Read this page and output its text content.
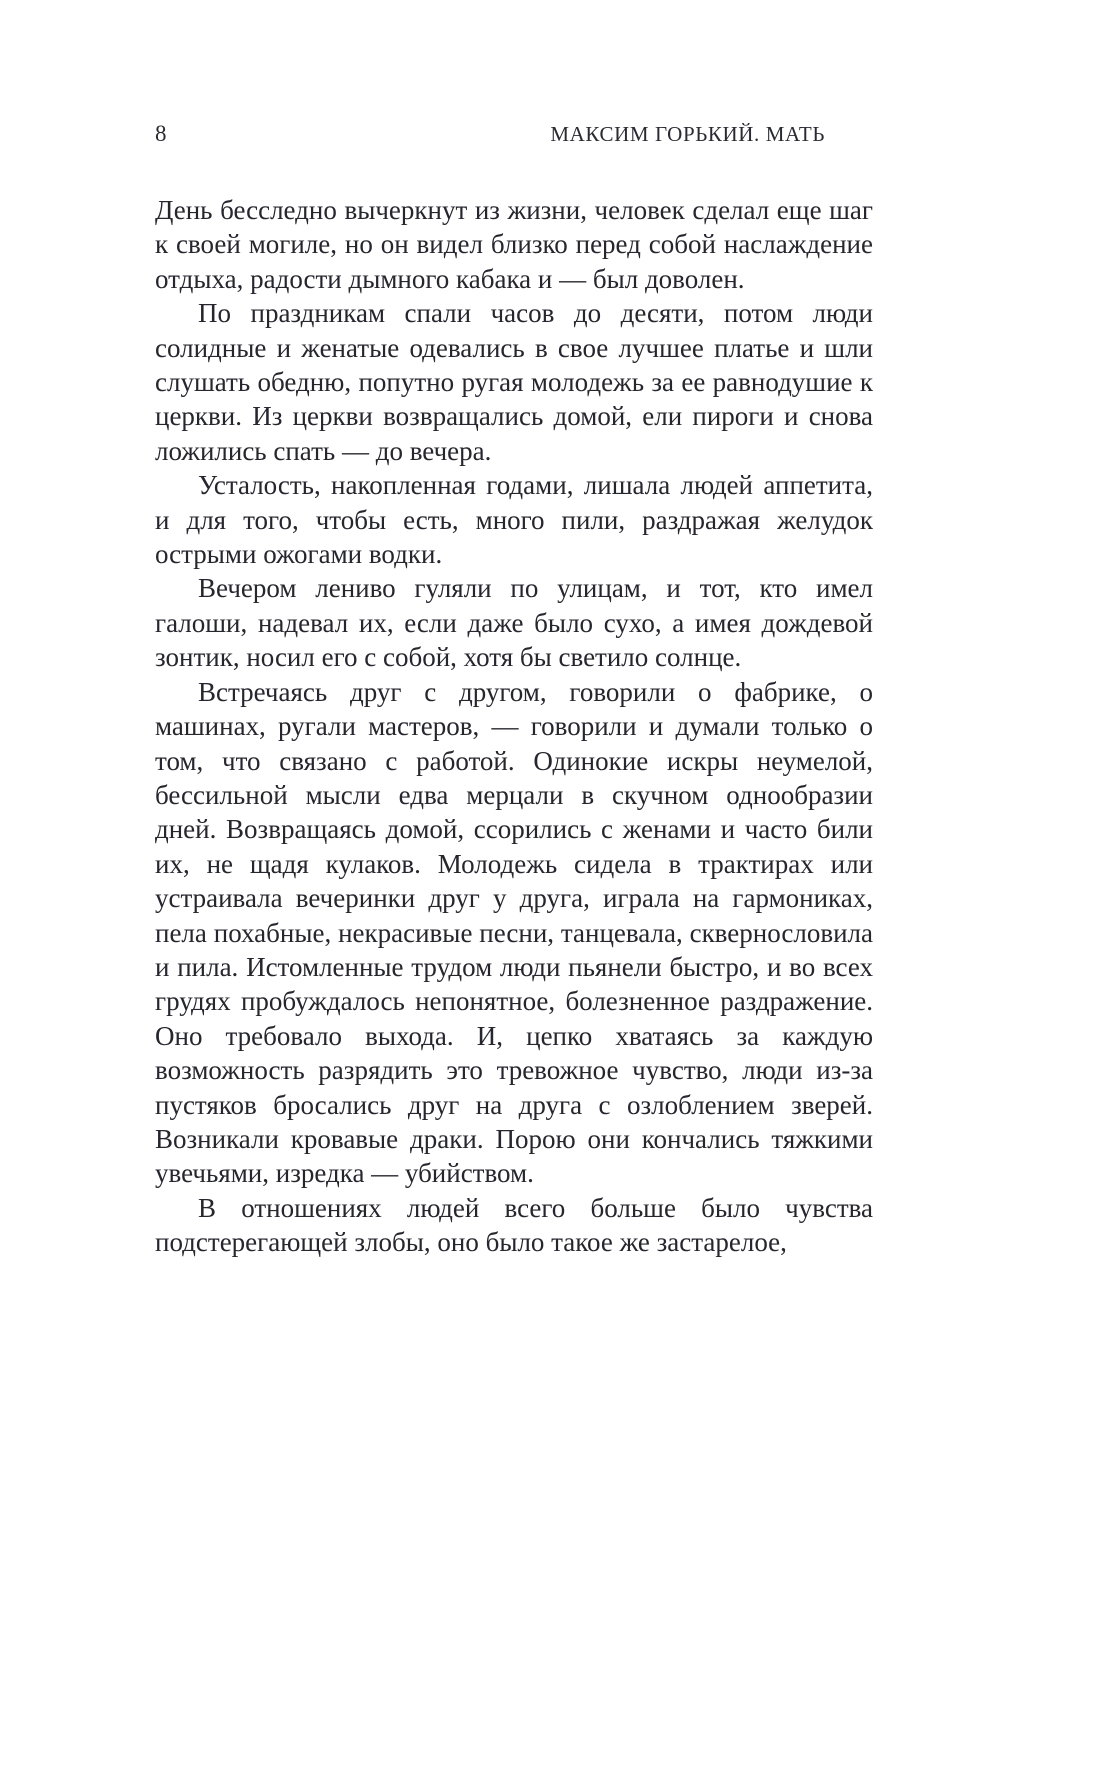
8	МАКСИМ ГОРЬКИЙ. МАТЬ

День бесследно вычеркнут из жизни, человек сделал еще шаг к своей могиле, но он видел близко перед собой наслаждение отдыха, радости дымного кабака и — был доволен.

По праздникам спали часов до десяти, потом люди солидные и женатые одевались в свое лучшее платье и шли слушать обедню, попутно ругая молодежь за ее равнодушие к церкви. Из церкви возвращались домой, ели пироги и снова ложились спать — до вечера.

Усталость, накопленная годами, лишала людей аппетита, и для того, чтобы есть, много пили, раздражая желудок острыми ожогами водки.

Вечером лениво гуляли по улицам, и тот, кто имел галоши, надевал их, если даже было сухо, а имея дождевой зонтик, носил его с собой, хотя бы светило солнце.

Встречаясь друг с другом, говорили о фабрике, о машинах, ругали мастеров, — говорили и думали только о том, что связано с работой. Одинокие искры неумелой, бессильной мысли едва мерцали в скучном однообразии дней. Возвращаясь домой, ссорились с женами и часто били их, не щадя кулаков. Молодежь сидела в трактирах или устраивала вечеринки друг у друга, играла на гармониках, пела похабные, некрасивые песни, танцевала, сквернословила и пила. Истомленные трудом люди пьянели быстро, и во всех грудях пробуждалось непонятное, болезненное раздражение. Оно требовало выхода. И, цепко хватаясь за каждую возможность разрядить это тревожное чувство, люди из-за пустяков бросались друг на друга с озлоблением зверей. Возникали кровавые драки. Порою они кончались тяжкими увечьями, изредка — убийством.

В отношениях людей всего больше было чувства подстерегающей злобы, оно было такое же застарелое,
